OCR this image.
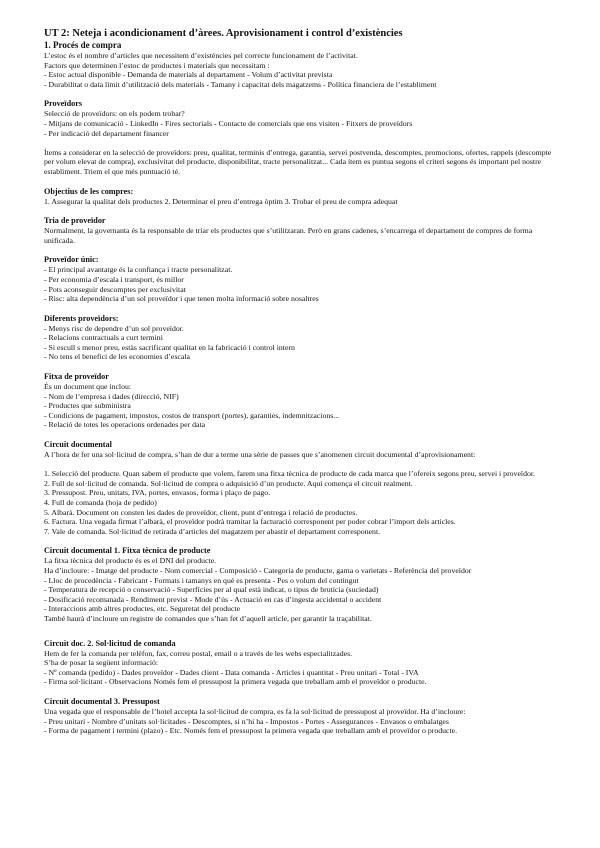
UT 2: Neteja i acondicionament d’àrees. Aprovisionament i control d’existències

1. Procés de compra

L’estoc és el nombre d’articles que necessitem d’existències pel correcte funcionament de l’activitat.

Factors que determinen l’estoc de productes i materials que necessitam :

- Estoc actual disponible - Demanda de materials al departament - Volum d’activitat prevista

- Durabilitat o data límit d’utilització dels materials - Tamany i capacitat dels magatzems - Política financiera de l’establiment

Proveïdors

Selecció de proveïdors: on els podem trobar?

- Mitjans de comunicació - LinkedIn - Fires sectorials - Contacte de comercials que ens visiten - Fitxers de proveïdors

- Per indicació del departament financer

Ítems a considerar en la selecció de proveïdors: preu, qualitat, terminis d’entrega, garantia, servei postvenda, descomptes, promocions, ofertes, rappels (descompte per volum elevat de compra), exclusivitat del producte, disponibilitat, tracte personalitzat... Cada ítem es puntua segons el criteri segons és important pel nostre establiment. Triem el que més puntuació té.

Objectius de les compres:

1. Assegurar la qualitat dels productes 2. Determinar el preu d’entrega òptim 3. Trobar el preu de compra adequat

Tria de proveïdor

Normalment, la governanta és la responsable de triar els productes que s’utilitzaran. Però en grans cadenes, s’encarrega el departament de compres de forma unificada.

Proveïdor únic:

- El principal avantatge és la confiança i tracte personalitzat.

- Per economia d’escala i transport, és millor

- Pots aconseguir descomptes per exclusivitat

- Risc: alta dependència d’un sol proveïdor i que tenen molta informació sobre nosaltres

Diferents proveïdors:

- Menys risc de dependre d’un sol proveïdor.

- Relacions contractuals a curt termini

- Si escull s menor preu, estàs sacrificant qualitat en la fabricació i control intern

- No tens el benefici de les economies d’escala

Fitxa de proveïdor

És un document que inclou:

- Nom de l’empresa i dades (direcció, NIF)

- Productes que subministra

- Condicions de pagament, impostos, costos de transport (portes), garanties, indemnitzacions...

- Relació de totes les operacions ordenades per data

Circuit documental

A l’hora de fer una sol·licitud de compra, s’han de dur a terme una sèrie de passes que s’anomenen circuit documental d’aprovisionament:

1. Selecció del producte. Quan sabem el producte que volem, farem una fitxa tècnica de producte de cada marca que l’ofereix segons preu, servei i proveïdor.

2. Full de sol·licitud de comanda. Sol·licitud de compra o adquisició d’un producte. Aquí comença el circuit realment.

3. Pressupost. Preu, unitats, IVA, portes, envasos, forma i plaço de pago.

4. Full de comanda (hoja de pedido)

5. Albarà. Document on consten les dades de proveïdor, client, punt d’entrega i relació de productes.

6. Factura. Una vegada firmat l’albarà, el proveïdor podrà tramitar la facturació corresponent per poder cobrar l’import dels articles.

7. Vale de comanda. Sol·licitud de retirada d’articles del magatzem per abastir el departament corresponent.

Circuit documental 1. Fitxa tècnica de producte

La fitxa tècnica del producte és es el DNI del producte.

Ha d’incloure: - Imatge del producte - Nom comercial - Composició - Categoria de producte, gama o varietats - Referència del proveïdor

- Lloc de procedència - Fabricant - Formats i tamanys en què es presenta - Pes o volum del contingut

- Temperatura de recepció o conservació - Superfícies per al qual està indicat, o tipus de brutícia (suciedad)

- Dosificació recomanada - Rendiment previst - Mode d’ús - Actuació en cas d’ingesta accidental o accident

- Interaccions amb altres productes, etc. Seguretat del producte

També haurà d’incloure un registre de comandes que s’han fet d’aquell article, per garantir la traçabilitat.

Circuit doc. 2. Sol·licitud de comanda

Hem de fer la comanda per telèfon, fax, correu postal, email o a través de les webs especialitzades.

S’ha de posar la següent informació:

- Nº comanda (pedido) - Dades proveïdor - Dades client - Data comanda - Articles i quantitat - Preu unitari - Total - IVA

- Firma sol·licitant - Observacions Només fem el pressupost la primera vegada que treballam amb el proveïdor o producte.

Circuit documental 3. Pressupost

Una vegada que el responsable de l’hotel accepta la sol·licitud de compra, es fa la sol·licitud de pressupost al proveïdor. Ha d’incloure:

- Preu unitari - Nombre d’unitats sol·licitades - Descomptes, si n’hi ha - Impostos - Portes - Assegurances - Envasos o embalatges

- Forma de pagament i termini (plazo) - Etc. Només fem el pressupost la primera vegada que treballam amb el proveïdor o producte.
